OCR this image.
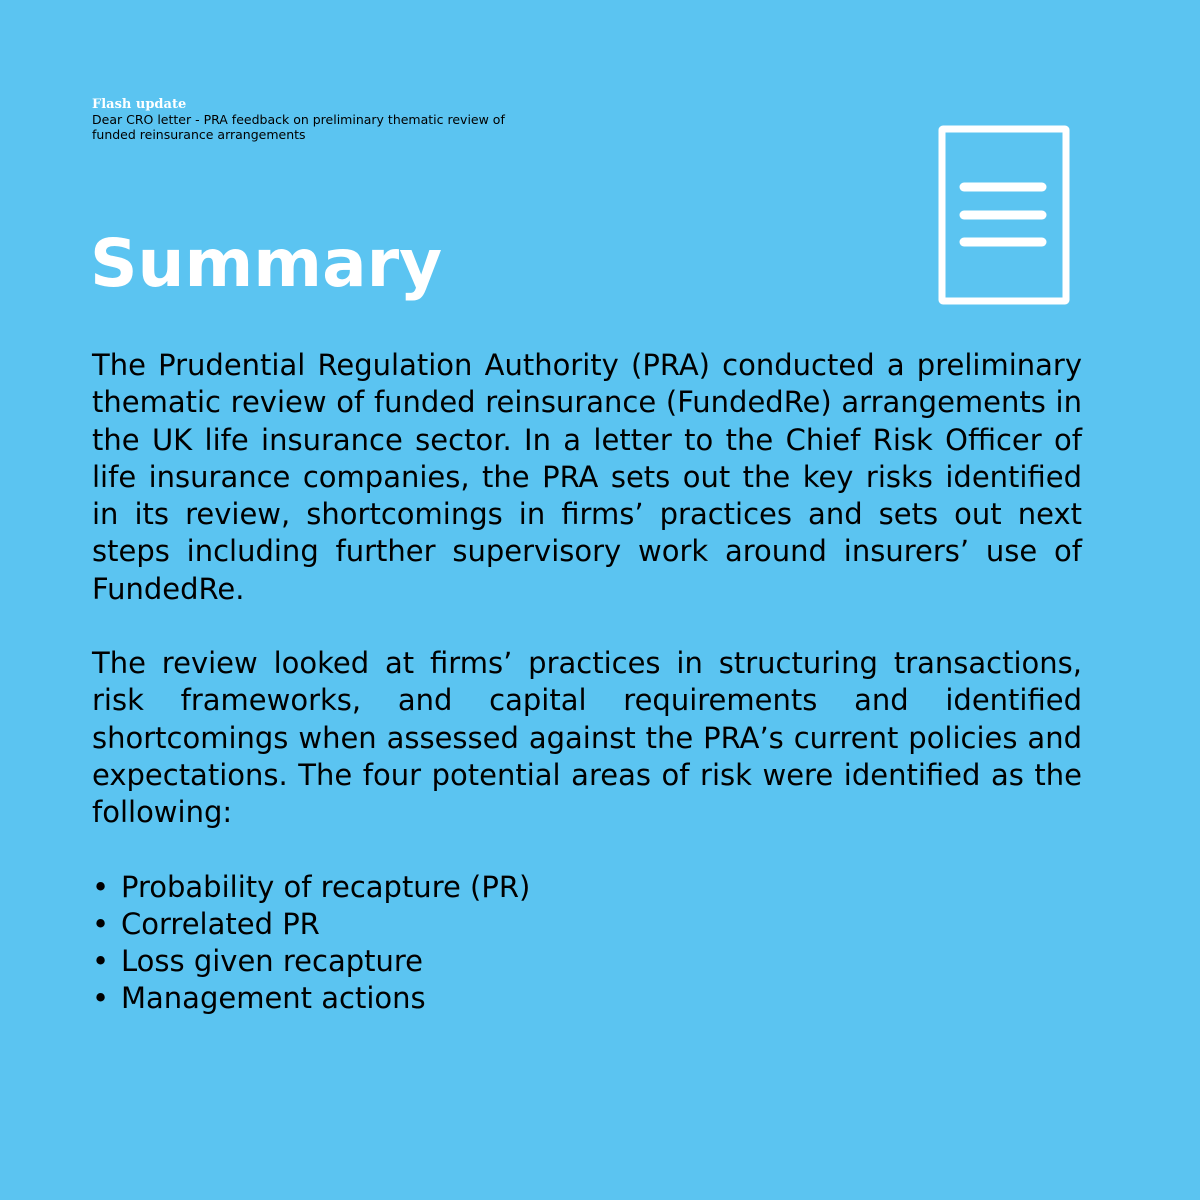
Flash update
Dear CRO letter - PRA feedback on preliminary thematic review of funded reinsurance arrangements
Summary

The Prudential Regulation Authority (PRA) conducted a preliminary thematic review of funded reinsurance (FundedRe) arrangements in the UK life insurance sector. In a letter to the Chief Risk Officer of life insurance companies, the PRA sets out the key risks identified in its review, shortcomings in firms’ practices and sets out next steps including further supervisory work around insurers’ use of FundedRe.

The review looked at firms’ practices in structuring transactions, risk frameworks, and capital requirements and identified shortcomings when assessed against the PRA’s current policies and expectations. The four potential areas of risk were identified as the following:

• Probability of recapture (PR)
• Correlated PR
• Loss given recapture
• Management actions
